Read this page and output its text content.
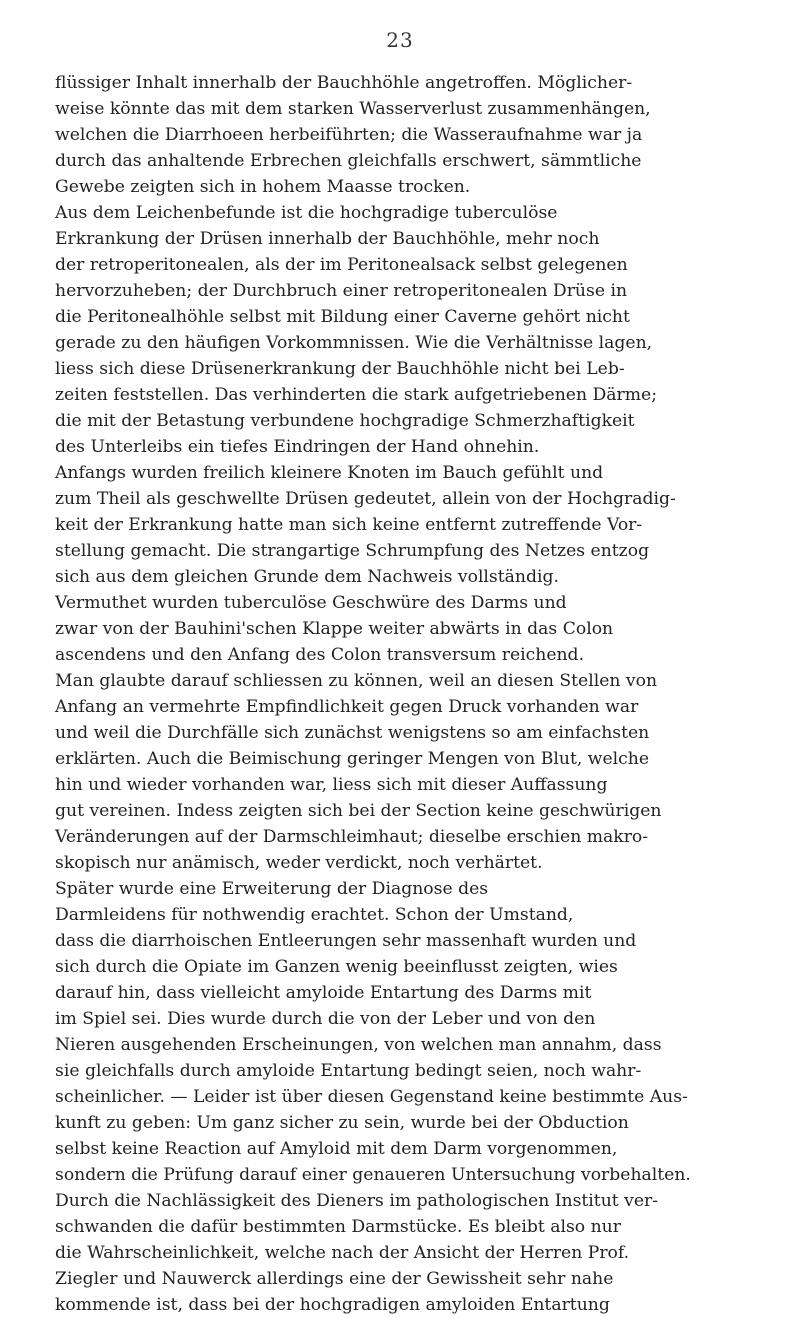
23
flüssiger Inhalt innerhalb der Bauchhöhle angetroffen. Möglicher-
weise könnte das mit dem starken Wasserverlust zusammenhängen,
welchen die Diarrhoeen herbeiführten; die Wasseraufnahme war ja
durch das anhaltende Erbrechen gleichfalls erschwert, sämmtliche
Gewebe zeigten sich in hohem Maasse trocken.
Aus dem Leichenbefunde ist die hochgradige tuberculöse
Erkrankung der Drüsen innerhalb der Bauchhöhle, mehr noch
der retroperitonealen, als der im Peritonealsack selbst gelegenen
hervorzuheben; der Durchbruch einer retroperitonealen Drüse in
die Peritonealhöhle selbst mit Bildung einer Caverne gehört nicht
gerade zu den häufigen Vorkommnissen. Wie die Verhältnisse lagen,
liess sich diese Drüsenerkrankung der Bauchhöhle nicht bei Leb-
zeiten feststellen. Das verhinderten die stark aufgetriebenen Därme;
die mit der Betastung verbundene hochgradige Schmerzhaftigkeit
des Unterleibs ein tiefes Eindringen der Hand ohnehin.
Anfangs wurden freilich kleinere Knoten im Bauch gefühlt und
zum Theil als geschwellte Drüsen gedeutet, allein von der Hochgradig-
keit der Erkrankung hatte man sich keine entfernt zutreffende Vor-
stellung gemacht. Die strangartige Schrumpfung des Netzes entzog
sich aus dem gleichen Grunde dem Nachweis vollständig.
Vermuthet wurden tuberculöse Geschwüre des Darms und
zwar von der Bauhini'schen Klappe weiter abwärts in das Colon
ascendens und den Anfang des Colon transversum reichend.
Man glaubte darauf schliessen zu können, weil an diesen Stellen von
Anfang an vermehrte Empfindlichkeit gegen Druck vorhanden war
und weil die Durchfälle sich zunächst wenigstens so am einfachsten
erklärten. Auch die Beimischung geringer Mengen von Blut, welche
hin und wieder vorhanden war, liess sich mit dieser Auffassung
gut vereinen. Indess zeigten sich bei der Section keine geschwürigen
Veränderungen auf der Darmschleimhaut; dieselbe erschien makro-
skopisch nur anämisch, weder verdickt, noch verhärtet.
Später wurde eine Erweiterung der Diagnose des
Darmleidens für nothwendig erachtet. Schon der Umstand,
dass die diarrhoischen Entleerungen sehr massenhaft wurden und
sich durch die Opiate im Ganzen wenig beeinflusst zeigten, wies
darauf hin, dass vielleicht amyloide Entartung des Darms mit
im Spiel sei. Dies wurde durch die von der Leber und von den
Nieren ausgehenden Erscheinungen, von welchen man annahm, dass
sie gleichfalls durch amyloide Entartung bedingt seien, noch wahr-
scheinlicher. — Leider ist über diesen Gegenstand keine bestimmte Aus-
kunft zu geben: Um ganz sicher zu sein, wurde bei der Obduction
selbst keine Reaction auf Amyloid mit dem Darm vorgenommen,
sondern die Prüfung darauf einer genaueren Untersuchung vorbehalten.
Durch die Nachlässigkeit des Dieners im pathologischen Institut ver-
schwanden die dafür bestimmten Darmstücke. Es bleibt also nur
die Wahrscheinlichkeit, welche nach der Ansicht der Herren Prof.
Ziegler und Nauwerck allerdings eine der Gewissheit sehr nahe
kommende ist, dass bei der hochgradigen amyloiden Entartung
